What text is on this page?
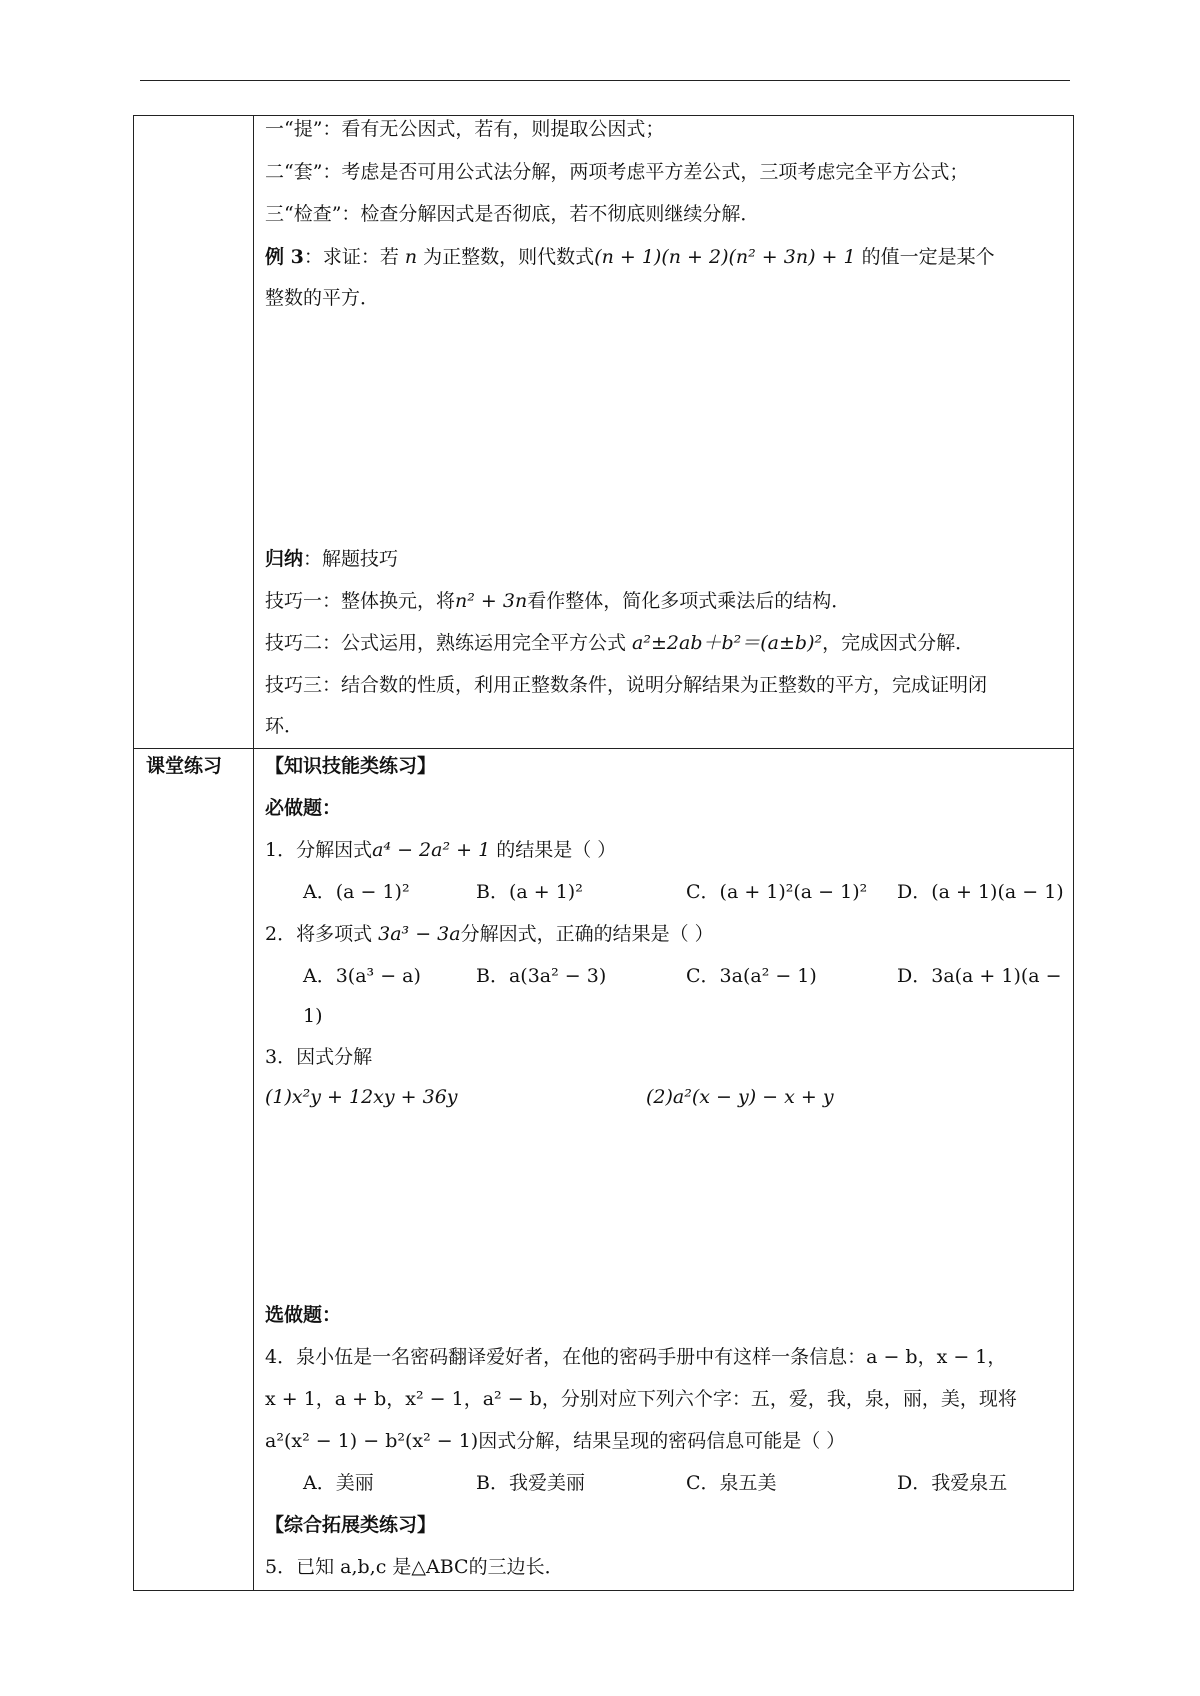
一“提”：看有无公因式，若有，则提取公因式；
二“套”：考虑是否可用公式法分解，两项考虑平方差公式，三项考虑完全平方公式；
三“检查”：检查分解因式是否彻底，若不彻底则继续分解．
例 3：求证：若 n 为正整数，则代数式(n + 1)(n + 2)(n² + 3n) + 1 的值一定是某个
整数的平方．
归纳：解题技巧
技巧一：整体换元，将n² + 3n看作整体，简化多项式乘法后的结构．
技巧二：公式运用，熟练运用完全平方公式 a²±2ab＋b²＝(a±b)²，完成因式分解．
技巧三：结合数的性质，利用正整数条件，说明分解结果为正整数的平方，完成证明闭
环．
课堂练习 【知识技能类练习】
必做题：
1．分解因式a⁴ − 2a² + 1 的结果是（ ）
A．(a − 1)²	B．(a + 1)²	C．(a + 1)²(a − 1)² D．(a + 1)(a − 1)
2．将多项式 3a³ − 3a分解因式，正确的结果是（ ）
A．3(a³ − a)	B．a(3a² − 3)	C．3a(a² − 1)	D．3a(a + 1)(a −
1)
3．因式分解
(1)x²y + 12xy + 36y	(2)a²(x − y) − x + y
选做题：
4．泉小伍是一名密码翻译爱好者，在他的密码手册中有这样一条信息：a − b，x − 1，
x + 1，a + b，x² − 1，a² − b，分别对应下列六个字：五，爱，我，泉，丽，美，现将
a²(x² − 1) − b²(x² − 1)因式分解，结果呈现的密码信息可能是（ ）
A．美丽	B．我爱美丽	C．泉五美	D．我爱泉五
【综合拓展类练习】
5．已知 a,b,c 是△ABC的三边长．
